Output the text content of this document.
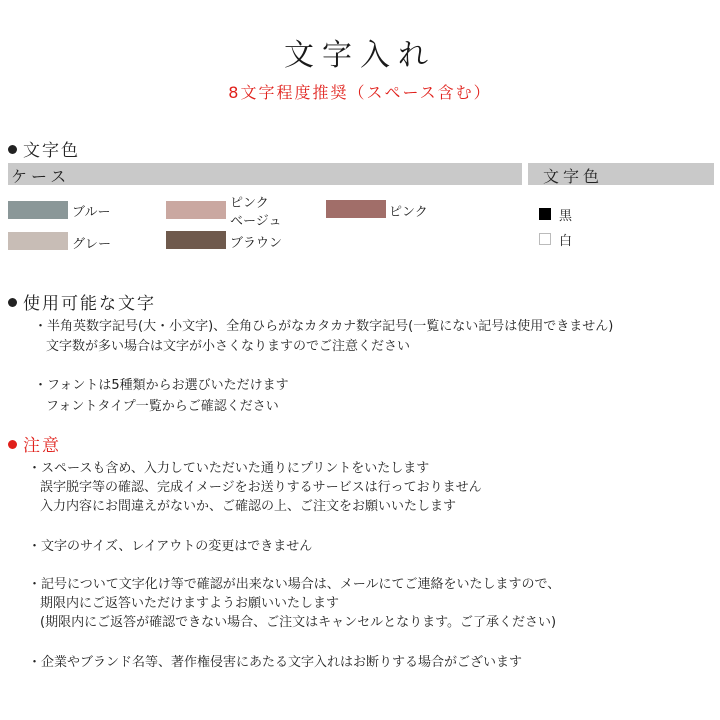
文字入れ
8文字程度推奨（スペース含む）
文字色
ケース	文字色
ブルー
ピンク
ベージュ
ピンク
グレー	ブラウン
黒
白
使用可能な文字
・半角英数字記号(大・小文字)、全角ひらがなカタカナ数字記号(一覧にない記号は使用できません)
文字数が多い場合は文字が小さくなりますのでご注意ください
・フォントは5種類からお選びいただけます
フォントタイプ一覧からご確認ください
注意
・スペースも含め、入力していただいた通りにプリントをいたします
誤字脱字等の確認、完成イメージをお送りするサービスは行っておりません
入力内容にお間違えがないか、ご確認の上、ご注文をお願いいたします
・文字のサイズ、レイアウトの変更はできません
・記号について文字化け等で確認が出来ない場合は、メールにてご連絡をいたしますので、
期限内にご返答いただけますようお願いいたします
(期限内にご返答が確認できない場合、ご注文はキャンセルとなります。ご了承ください)
・企業やブランド名等、著作権侵害にあたる文字入れはお断りする場合がございます
